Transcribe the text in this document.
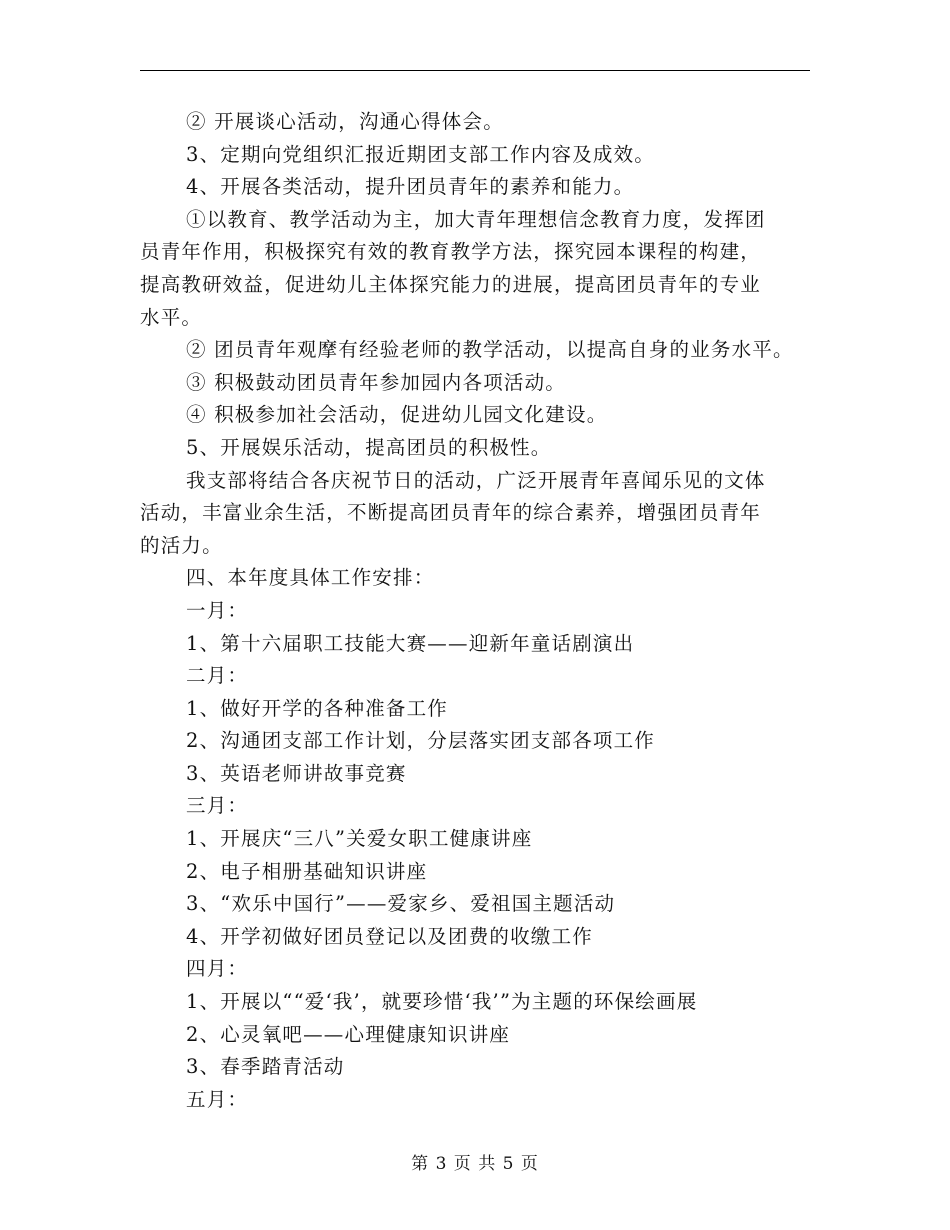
② 开展谈心活动，沟通心得体会。
3、定期向党组织汇报近期团支部工作内容及成效。
4、开展各类活动，提升团员青年的素养和能力。
①以教育、教学活动为主，加大青年理想信念教育力度，发挥团
员青年作用，积极探究有效的教育教学方法，探究园本课程的构建，
提高教研效益，促进幼儿主体探究能力的进展，提高团员青年的专业
水平。
② 团员青年观摩有经验老师的教学活动，以提高自身的业务水平。
③ 积极鼓动团员青年参加园内各项活动。
④ 积极参加社会活动，促进幼儿园文化建设。
5、开展娱乐活动，提高团员的积极性。
我支部将结合各庆祝节日的活动，广泛开展青年喜闻乐见的文体
活动，丰富业余生活，不断提高团员青年的综合素养，增强团员青年
的活力。
四、本年度具体工作安排：
一月：
1、第十六届职工技能大赛——迎新年童话剧演出
二月：
1、做好开学的各种准备工作
2、沟通团支部工作计划，分层落实团支部各项工作
3、英语老师讲故事竞赛
三月：
1、开展庆“三八”关爱女职工健康讲座
2、电子相册基础知识讲座
3、“欢乐中国行”——爱家乡、爱祖国主题活动
4、开学初做好团员登记以及团费的收缴工作
四月：
1、开展以““爱‘我’，就要珍惜‘我’”为主题的环保绘画展
2、心灵氧吧——心理健康知识讲座
3、春季踏青活动
五月：
第 3 页 共 5 页
